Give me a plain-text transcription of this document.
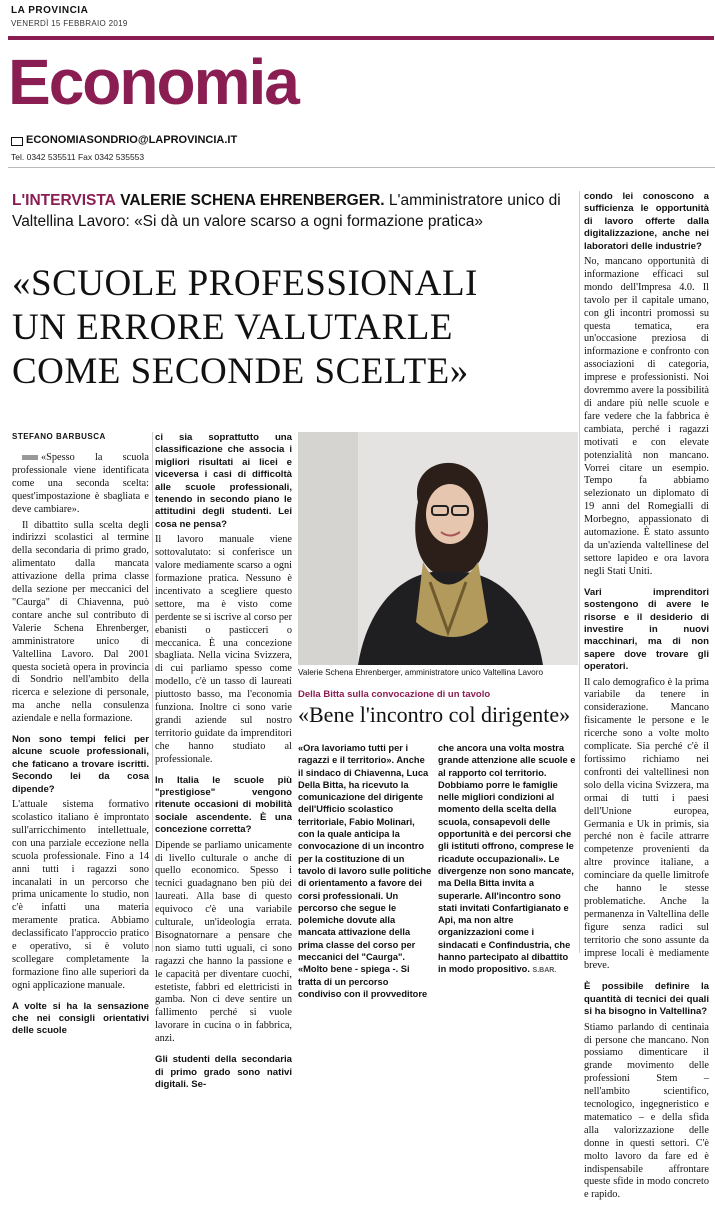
LA PROVINCIA
VENERDÌ 15 FEBBRAIO 2019
Economia
ECONOMIASONDRIO@LAPROVINCIA.IT
Tel. 0342 535511 Fax 0342 535553
L'INTERVISTA VALERIE SCHENA EHRENBERGER. L'amministratore unico di Valtellina Lavoro: «Si dà un valore scarso a ogni formazione pratica»
«SCUOLE PROFESSIONALI
UN ERRORE VALUTARLE
COME SECONDE SCELTE»
STEFANO BARBUSCA

«Spesso la scuola professionale viene identificata come una seconda scelta: quest'impostazione è sbagliata e deve cambiare».

Il dibattito sulla scelta degli indirizzi scolastici al termine della secondaria di primo grado, alimentato dalla mancata attivazione della prima classe della sezione per meccanici del "Caurga" di Chiavenna, può contare anche sul contributo di Valerie Schena Ehrenberger, amministratore unico di Valtellina Lavoro. Dal 2001 questa società opera in provincia di Sondrio nell'ambito della ricerca e selezione di personale, ma anche nella consulenza aziendale e nella formazione.

Non sono tempi felici per alcune scuole professionali, che faticano a trovare iscritti. Secondo lei da cosa dipende?

L'attuale sistema formativo scolastico italiano è improntato sull'arricchimento intellettuale, con una parziale eccezione nella scuola professionale. Fino a 14 anni tutti i ragazzi sono incanalati in un percorso che prima unicamente lo studio, non c'è infatti una materia meramente pratica. Abbiamo declassificato l'approccio pratico e operativo, si è voluto scollegare completamente la formazione fino alle superiori da ogni applicazione manuale.

A volte si ha la sensazione che nei consigli orientativi delle scuole

ci sia soprattutto una classificazione che associa i migliori risultati ai licei e viceversa i casi di difficoltà alle scuole professionali, tenendo in secondo piano le attitudini degli studenti. Lei cosa ne pensa?

Il lavoro manuale viene sottovalutato: si conferisce un valore mediamente scarso a ogni formazione pratica. Nessuno è incentivato a scegliere questo settore, ma è visto come perdente se si iscrive al corso per ebanisti o pasticceri o meccanica. È una concezione sbagliata. Nella vicina Svizzera, di cui parliamo spesso come modello, c'è un tasso di laureati piuttosto basso, ma l'economia funziona. Inoltre ci sono varie grandi aziende sul nostro territorio guidate da imprenditori che hanno studiato al professionale.

In Italia le scuole più "prestigiose" vengono ritenute occasioni di mobilità sociale ascendente. È una concezione corretta?

Dipende se parliamo unicamente di livello culturale o anche di quello economico. Spesso i tecnici guadagnano ben più dei laureati. Alla base di questo equivoco c'è una variabile culturale, un'ideologia errata. Bisognatornare a pensare che non siamo tutti uguali, ci sono ragazzi che hanno la passione e le capacità per diventare cuochi, estetiste, fabbri ed elettricisti in gamba. Non ci deve sentire un fallimento perché si vuole lavorare in cucina o in fabbrica, anzi.

Gli studenti della secondaria di primo grado sono nativi digitali. Se-

Valerie Schena Ehrenberger, amministratore unico Valtellina Lavoro
Della Bitta sulla convocazione di un tavolo
«Bene l'incontro col dirigente»
«Ora lavoriamo tutti per i ragazzi e il territorio». Anche il sindaco di Chiavenna, Luca Della Bitta, ha ricevuto la comunicazione del dirigente dell'Ufficio scolastico territoriale, Fabio Molinari, con la quale anticipa la convocazione di un incontro per la costituzione di un tavolo di lavoro sulle politiche di orientamento a favore dei corsi professionali. Un percorso che segue le polemiche dovute alla mancata attivazione della prima classe del corso per meccanici del "Caurga". «Molto bene - spiega -. Si tratta di un percorso condiviso con il provveditore
che ancora una volta mostra grande attenzione alle scuole e al rapporto col territorio. Dobbiamo porre le famiglie nelle migliori condizioni al momento della scelta della scuola, consapevoli delle opportunità e dei percorsi che gli istituti offrono, comprese le ricadute occupazionali». Le divergenze non sono mancate, ma Della Bitta invita a superarle. All'incontro sono stati invitati Confartigianato e Api, ma non altre organizzazioni come i sindacati e Confindustria, che hanno partecipato al dibattito in modo propositivo. S.BAR.

condo lei conoscono a sufficienza le opportunità di lavoro offerte dalla digitalizzazione, anche nei laboratori delle industrie?

No, mancano opportunità di informazione efficaci sul mondo dell'Impresa 4.0. Il tavolo per il capitale umano, con gli incontri promossi su questa tematica, era un'occasione preziosa di informazione e confronto con associazioni di categoria, imprese e professionisti. Noi dovremmo avere la possibilità di andare più nelle scuole e fare vedere che la fabbrica è cambiata, perché i ragazzi motivati e con elevate potenzialità non mancano. Vorrei citare un esempio. Tempo fa abbiamo selezionato un diplomato di 19 anni del Romegialli di Morbegno, appassionato di automazione. È stato assunto da un'azienda valtellinese del settore lapideo e ora lavora negli Stati Uniti.

Vari imprenditori sostengono di avere le risorse e il desiderio di investire in nuovi macchinari, ma di non sapere dove trovare gli operatori.

Il calo demografico è la prima variabile da tenere in considerazione. Mancano fisicamente le persone e le ricerche sono a volte molto complicate. Sia perché c'è il fortissimo richiamo nei confronti dei valtellinesi non solo della vicina Svizzera, ma ormai di tutti i paesi dell'Unione europea, Germania e Uk in primis, sia perché non è facile attrarre competenze provenienti da altre province italiane, a cominciare da quelle limitrofe che hanno le stesse problematiche. Anche la permanenza in Valtellina delle figure senza radici sul territorio che sono assunte da imprese locali è mediamente breve.

È possibile definire la quantità di tecnici dei quali si ha bisogno in Valtellina?

Stiamo parlando di centinaia di persone che mancano. Non possiamo dimenticare il grande movimento delle professioni Stem – nell'ambito scientifico, tecnologico, ingegneristico e matematico – e della sfida alla valorizzazione delle donne in questi settori. C'è molto lavoro da fare ed è indispensabile affrontare queste sfide in modo concreto e rapido.
